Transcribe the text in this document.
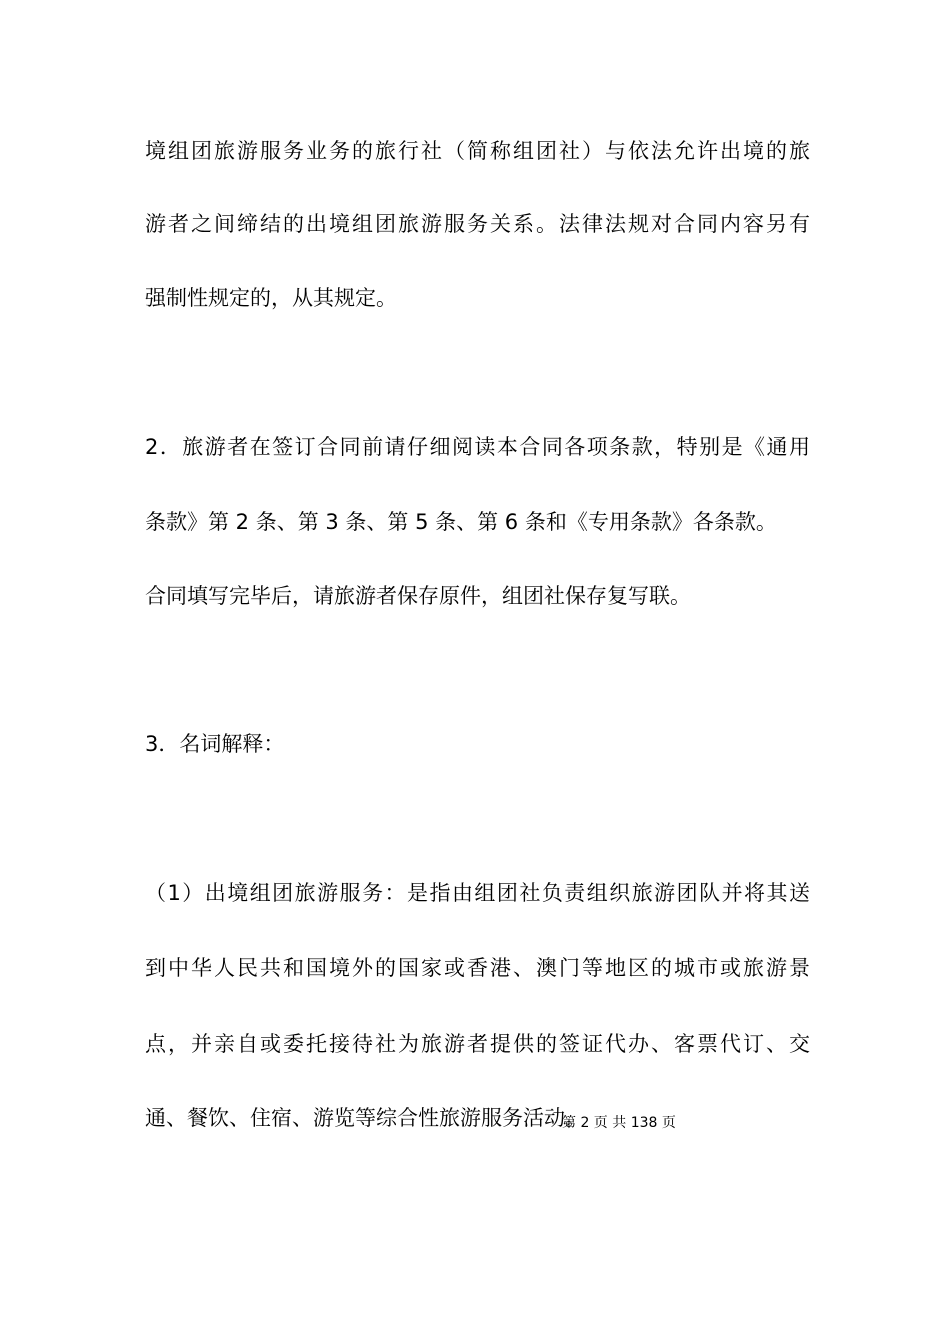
境组团旅游服务业务的旅行社（简称组团社）与依法允许出境的旅
游者之间缔结的出境组团旅游服务关系。法律法规对合同内容另有
强制性规定的，从其规定。
2．旅游者在签订合同前请仔细阅读本合同各项条款，特别是《通用
条款》第 2 条、第 3 条、第 5 条、第 6 条和《专用条款》各条款。
合同填写完毕后，请旅游者保存原件，组团社保存复写联。
3．名词解释：
（1）出境组团旅游服务：是指由组团社负责组织旅游团队并将其送
到中华人民共和国境外的国家或香港、澳门等地区的城市或旅游景
点，并亲自或委托接待社为旅游者提供的签证代办、客票代订、交
通、餐饮、住宿、游览等综合性旅游服务活动。
第 2 页 共 138 页
